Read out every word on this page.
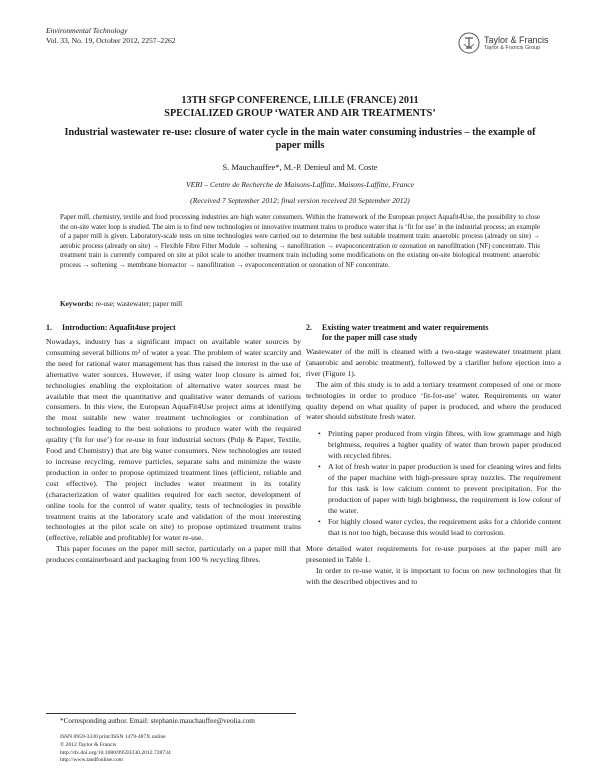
Environmental Technology
Vol. 33, No. 19, October 2012, 2257–2262	Taylor & Francis
Taylor & Francis Group
13TH SFGP CONFERENCE, LILLE (FRANCE) 2011
SPECIALIZED GROUP ‘WATER AND AIR TREATMENTS’
Industrial wastewater re-use: closure of water cycle in the main water consuming industries – the example of paper mills
S. Mauchauffee*, M.-P. Denieul and M. Coste
VERI – Centre de Recherche de Maisons-Laffitte, Maisons-Laffitte, France
(Received 7 September 2012; final version received 20 September 2012)
Paper mill, chemistry, textile and food processing industries are high water consumers. Within the framework of the European project Aquafit4Use, the possibility to close the on-site water loop is studied. The aim is to find new technologies or innovative treatment trains to produce water that is ‘fit for use’ in the industrial process; an example of a paper mill is given. Laboratory-scale tests on nine technologies were carried out to determine the best suitable treatment train: anaerobic process (already on site) → aerobic process (already on site) → Flexible Fibre Filter Module → softening → nanofiltration → evapoconcentration or ozonation on nanofiltration (NF) concentrate. This treatment train is currently compared on site at pilot scale to another treatment train including some modifications on the existing on-site biological treatment: anaerobic process → softening → membrane bioreactor → nanofiltration → evapoconcentration or ozonation of NF concentrate.
Keywords: re-use; wastewater; paper mill
1. Introduction: Aquafit4use project

Nowadays, industry has a significant impact on available water sources by consuming several billions m³ of water a year. The problem of water scarcity and the need for rational water management has thus raised the interest in the use of alternative water sources. However, if using water loop closure is aimed for, technologies enabling the exploitation of alternative water sources must be available that meet the quantitative and qualitative water demands of various consumers. In this view, the European AquaFit4Use project aims at identifying the most suitable new water treatment technologies or combination of technologies leading to the best solutions to produce water with the required quality (‘fit for use’) for re-use in four industrial sectors (Pulp & Paper, Textile, Food and Chemistry) that are big water consumers. New technologies are tested to increase recycling, remove particles, separate salts and minimize the waste production in order to propose optimized treatment lines (efficient, reliable and cost effective). The project includes water treatment in its totality (characterization of water qualities required for each sector, development of online tools for the control of water quality, tests of technologies in possible treatment trains at the laboratory scale and validation of the most interesting technologies at the pilot scale on site) to propose optimized treatment trains (effective, reliable and profitable) for water re-use.

This paper focuses on the paper mill sector, particularly on a paper mill that produces containerboard and packaging from 100 % recycling fibres.

2. Existing water treatment and water requirements
for the paper mill case study

Wastewater of the mill is cleaned with a two-stage wastewater treatment plant (anaerobic and aerobic treatment), followed by a clarifier before ejection into a river (Figure 1).

The aim of this study is to add a tertiary treatment composed of one or more technologies in order to produce ‘fit-for-use’ water. Requirements on water quality depend on what quality of paper is produced, and where the produced water should substitute fresh water.

• Printing paper produced from virgin fibres, with low grammage and high brightness, requires a higher quality of water than brown paper produced with recycled fibres.
• A lot of fresh water in paper production is used for cleaning wires and felts of the paper machine with high-pressure spray nozzles. The requirement for this task is low calcium content to prevent precipitation. For the production of paper with high brightness, the requirement is low colour of the water.
• For highly closed water cycles, the requirement asks for a chloride content that is not too high, because this would lead to corrosion.

More detailed water requirements for re-use purposes at the paper mill are presented in Table 1.

In order to re-use water, it is important to focus on new technologies that fit with the described objectives and to

*Corresponding author. Email: stephanie.mauchauffee@veolia.com
ISSN 0959-3330 print/ISSN 1479-487X online
© 2012 Taylor & Francis
http://dx.doi.org/10.1080/09593330.2012.728734
http://www.tandfonline.com
